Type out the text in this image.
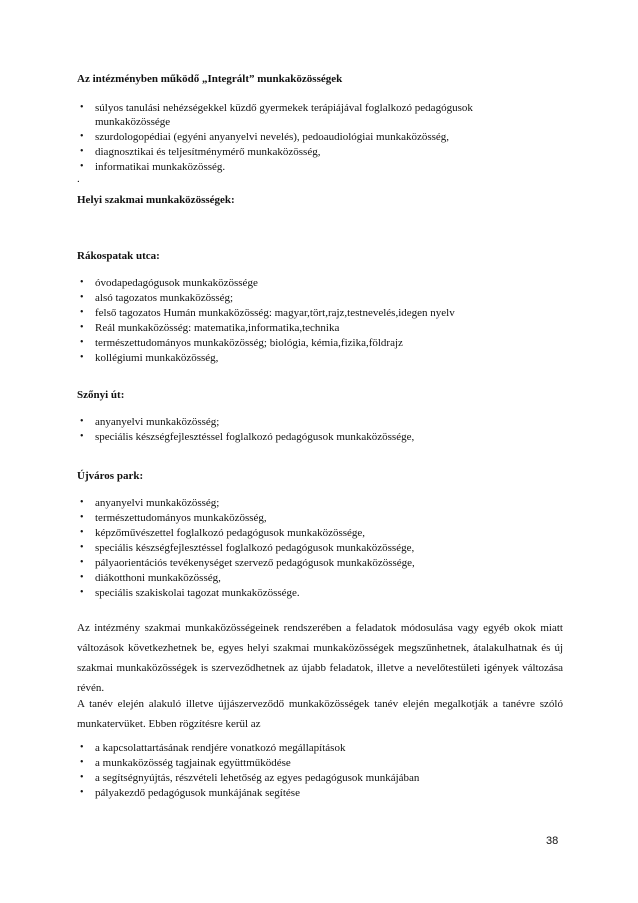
Az intézményben működő „Integrált” munkaközösségek
• súlyos tanulási nehézségekkel küzdő gyermekek terápiájával foglalkozó pedagógusok
munkaközössége
• szurdologopédiai (egyéni anyanyelvi nevelés), pedoaudiológiai munkaközösség,
• diagnosztikai és teljesítménymérő munkaközösség,
• informatikai munkaközösség.
.
Helyi szakmai munkaközösségek:
Rákospatak utca:
• óvodapedagógusok munkaközössége
• alsó tagozatos munkaközösség;
• felső tagozatos Humán munkaközösség: magyar,tört,rajz,testnevelés,idegen nyelv
• Reál munkaközösség: matematika,informatika,technika
• természettudományos munkaközösség; biológia, kémia,fizika,földrajz
• kollégiumi munkaközösség,
Szőnyi út:
• anyanyelvi munkaközösség;
• speciális készségfejlesztéssel foglalkozó pedagógusok munkaközössége,
Újváros park:
• anyanyelvi munkaközösség;
• természettudományos munkaközösség,
• képzőművészettel foglalkozó pedagógusok munkaközössége,
• speciális készségfejlesztéssel foglalkozó pedagógusok munkaközössége,
• pályaorientációs tevékenységet szervező pedagógusok munkaközössége,
• diákotthoni munkaközösség,
• speciális szakiskolai tagozat munkaközössége.
Az intézmény szakmai munkaközösségeinek rendszerében a feladatok módosulása vagy egyéb okok miatt változások következhetnek be, egyes helyi szakmai munkaközösségek megszűnhetnek, átalakulhatnak és új szakmai munkaközösségek is szerveződhetnek az újabb feladatok, illetve a nevelőtestületi igények változása révén.
A tanév elején alakuló illetve újjászerveződő munkaközösségek tanév elején megalkotják a tanévre szóló munkatervüket. Ebben rögzítésre kerül az
• a kapcsolattartásának rendjére vonatkozó megállapítások
• a munkaközösség tagjainak együttműködése
• a segítségnyújtás, részvételi lehetőség az egyes pedagógusok munkájában
• pályakezdő pedagógusok munkájának segítése
38
